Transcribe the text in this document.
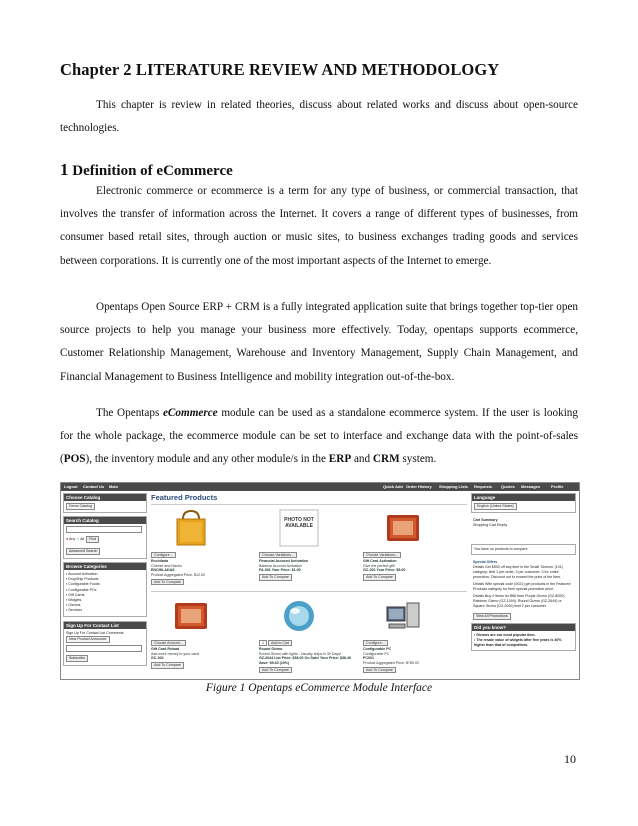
Chapter 2 LITERATURE REVIEW AND METHODOLOGY
This chapter is review in related theories, discuss about related works and discuss about open-source technologies.
1 Definition of eCommerce
Electronic commerce or ecommerce is a term for any type of business, or commercial transaction, that involves the transfer of information across the Internet. It covers a range of different types of businesses, from consumer based retail sites, through auction or music sites, to business exchanges trading goods and services between corporations. It is currently one of the most important aspects of the Internet to emerge.
Opentaps Open Source ERP + CRM is a fully integrated application suite that brings together top-tier open source projects to help you manage your business more effectively. Today, opentaps supports ecommerce, Customer Relationship Management, Warehouse and Inventory Management, Supply Chain Management, and Financial Management to Business Intelligence and mobility integration out-of-the-box.
The Opentaps eCommerce module can be used as a standalone ecommerce system. If the user is looking for the whole package, the ecommerce module can be set to interface and exchange data with the point-of-sales (POS), the inventory module and any other module/s in the ERP and CRM system.
Logout Contact Us Main	Quick Add Order History Shopping Lists Requests Quotes Messages	Profile
Choose Catalog
Demo Catalog
Search Catalog
● Any  ○ All Find
Advanced Search
Browse Categories
▪ Account Activation
▪ DropShip Products
▪ Configurable Foods
▪ Configurable PCs
▪ Gift Cards
▪ Widgets
▪ Gizmos
▪ Services
Sign Up For Contact List
Sign Up For Contact List Comments
New Product Announce
Subscribe
Featured Products
Configure...
Enchilada
Cheese and Nacho
ENCHILADAS
Product Aggregated Price: $12.00
Add To Compare
PHOTO NOT AVAILABLE
Choose Variations...
Financial Account Activation
Balance Account Activation
FA-001 Your Price: $1.00
Add To Compare
Choose Variations...
Gift Card Activation
Give the perfect gift!
GC-001 Your Price: $5.00
Add To Compare
Choose Amount...
Gift Card Reload
Add more money to your card!
GC-002
Add To Compare
1 Add to Cart
Round Gizmo
Round Gizmo with lights - Usually ships in 30 Days!
GZ-2644 List Price: $38.00 On Sale! Your Price: $38.40 Save: $9.60 (20%)
Add To Compare
Configure...
Configurable PC
Configurable PC
PC001
Product Aggregated Price: $780.00
Add To Compare
Language
English (United States)
Cart Summary
Shopping Cart Empty
You have no products to compare
Special Offers
Details Get $500 off any item in the Small 'Gizmos' (101) category; limit 1 per order, 3 per customer; 3 for entire promotion. Discount not to exceed the price of the item.
Details With special code (0021) get products in the Featured Products category for their special promotion price.
Details Buy 4 items for $68 from Purple Gizmo (GZ-8000), Rainbow Gizmo (GZ-1004), Round Gizmo (GZ-2644) or Square Gizmo (GZ-2000) limit 2 per customer
View All Promotions
Did you know?
• Gizmos are our most popular item.
• The resale value of widgets after five years is 40% higher than that of competitors.
Figure 1 Opentaps eCommerce Module Interface
10
